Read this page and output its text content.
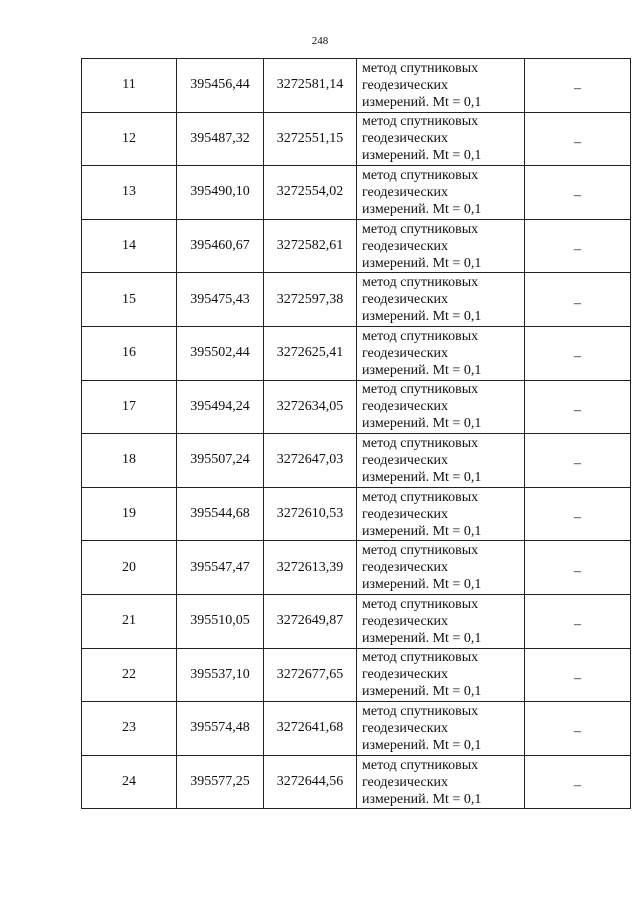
248
11	395456,44	3272581,14	метод спутниковых
геодезических
измерений. Mt = 0,1	–

12	395487,32	3272551,15	метод спутниковых
геодезических
измерений. Mt = 0,1	–

13	395490,10	3272554,02	метод спутниковых
геодезических
измерений. Mt = 0,1	–

14	395460,67	3272582,61	метод спутниковых
геодезических
измерений. Mt = 0,1	–

15	395475,43	3272597,38	метод спутниковых
геодезических
измерений. Mt = 0,1	–

16	395502,44	3272625,41	метод спутниковых
геодезических
измерений. Mt = 0,1	–

17	395494,24	3272634,05	метод спутниковых
геодезических
измерений. Mt = 0,1	–

18	395507,24	3272647,03	метод спутниковых
геодезических
измерений. Mt = 0,1	–

19	395544,68	3272610,53	метод спутниковых
геодезических
измерений. Mt = 0,1	–

20	395547,47	3272613,39	метод спутниковых
геодезических
измерений. Mt = 0,1	–

21	395510,05	3272649,87	метод спутниковых
геодезических
измерений. Mt = 0,1	–

22	395537,10	3272677,65	метод спутниковых
геодезических
измерений. Mt = 0,1	–

23	395574,48	3272641,68	метод спутниковых
геодезических
измерений. Mt = 0,1	–

24	395577,25	3272644,56	метод спутниковых
геодезических
измерений. Mt = 0,1	–
